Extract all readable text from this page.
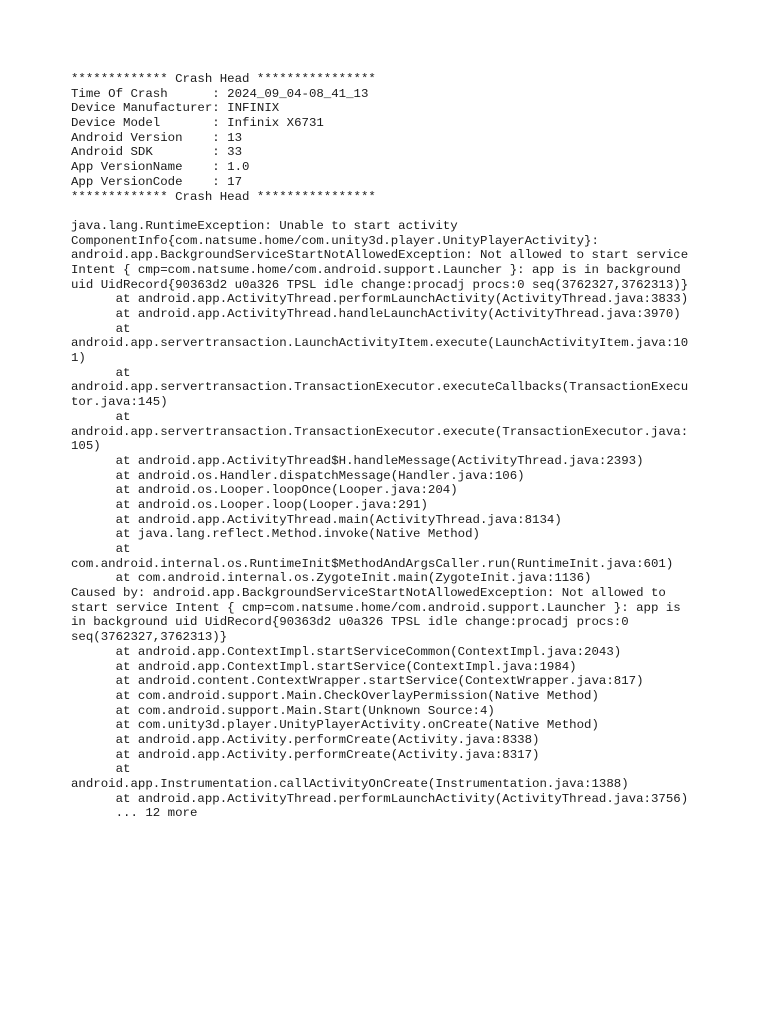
************* Crash Head ****************
Time Of Crash      : 2024_09_04-08_41_13
Device Manufacturer: INFINIX
Device Model       : Infinix X6731
Android Version    : 13
Android SDK        : 33
App VersionName    : 1.0
App VersionCode    : 17
************* Crash Head ****************
java.lang.RuntimeException: Unable to start activity
ComponentInfo{com.natsume.home/com.unity3d.player.UnityPlayerActivity}:
android.app.BackgroundServiceStartNotAllowedException: Not allowed to start service
Intent { cmp=com.natsume.home/com.android.support.Launcher }: app is in background
uid UidRecord{90363d2 u0a326 TPSL idle change:procadj procs:0 seq(3762327,3762313)}
at android.app.ActivityThread.performLaunchActivity(ActivityThread.java:3833)
at android.app.ActivityThread.handleLaunchActivity(ActivityThread.java:3970)
at
android.app.servertransaction.LaunchActivityItem.execute(LaunchActivityItem.java:10
1)
at
android.app.servertransaction.TransactionExecutor.executeCallbacks(TransactionExecu
tor.java:145)
at
android.app.servertransaction.TransactionExecutor.execute(TransactionExecutor.java:
105)
at android.app.ActivityThread$H.handleMessage(ActivityThread.java:2393)
at android.os.Handler.dispatchMessage(Handler.java:106)
at android.os.Looper.loopOnce(Looper.java:204)
at android.os.Looper.loop(Looper.java:291)
at android.app.ActivityThread.main(ActivityThread.java:8134)
at java.lang.reflect.Method.invoke(Native Method)
at
com.android.internal.os.RuntimeInit$MethodAndArgsCaller.run(RuntimeInit.java:601)
at com.android.internal.os.ZygoteInit.main(ZygoteInit.java:1136)
Caused by: android.app.BackgroundServiceStartNotAllowedException: Not allowed to
start service Intent { cmp=com.natsume.home/com.android.support.Launcher }: app is
in background uid UidRecord{90363d2 u0a326 TPSL idle change:procadj procs:0
seq(3762327,3762313)}
at android.app.ContextImpl.startServiceCommon(ContextImpl.java:2043)
at android.app.ContextImpl.startService(ContextImpl.java:1984)
at android.content.ContextWrapper.startService(ContextWrapper.java:817)
at com.android.support.Main.CheckOverlayPermission(Native Method)
at com.android.support.Main.Start(Unknown Source:4)
at com.unity3d.player.UnityPlayerActivity.onCreate(Native Method)
at android.app.Activity.performCreate(Activity.java:8338)
at android.app.Activity.performCreate(Activity.java:8317)
at
android.app.Instrumentation.callActivityOnCreate(Instrumentation.java:1388)
at android.app.ActivityThread.performLaunchActivity(ActivityThread.java:3756)
... 12 more
